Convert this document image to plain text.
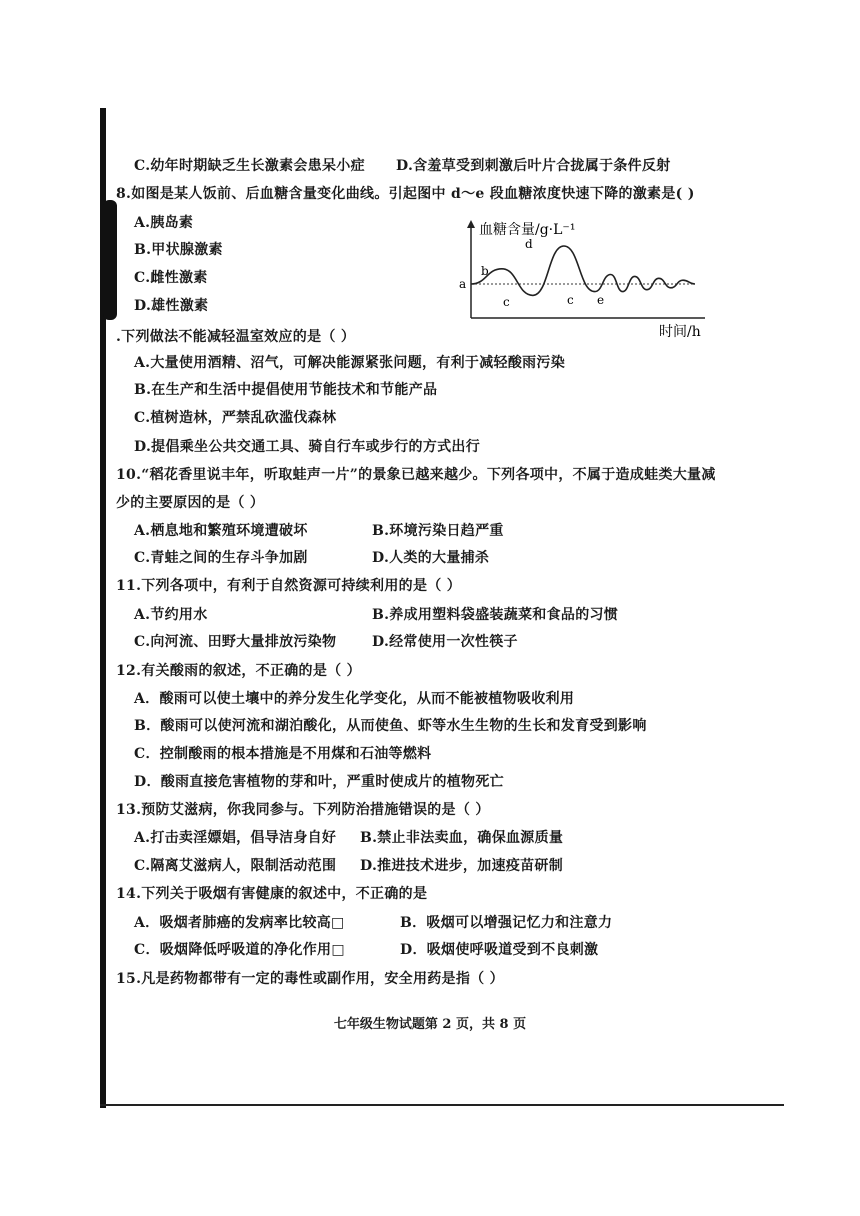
C.幼年时期缺乏生长激素会患呆小症 D.含羞草受到刺激后叶片合拢属于条件反射
8.如图是某人饭前、后血糖含量变化曲线。引起图中 d～e 段血糖浓度快速下降的激素是( )
A.胰岛素
B.甲状腺激素
C.雌性激素
D.雄性激素
血糖含量/g·L⁻¹
时间/h
a
b
c
d
c e
.下列做法不能减轻温室效应的是（ ）
A.大量使用酒精、沼气，可解决能源紧张问题，有利于减轻酸雨污染
B.在生产和生活中提倡使用节能技术和节能产品
C.植树造林，严禁乱砍滥伐森林
D.提倡乘坐公共交通工具、骑自行车或步行的方式出行
10.“稻花香里说丰年，听取蛙声一片”的景象已越来越少。下列各项中，不属于造成蛙类大量减
少的主要原因的是（ ）
A.栖息地和繁殖环境遭破坏	B.环境污染日趋严重
C.青蛙之间的生存斗争加剧	D.人类的大量捕杀
11.下列各项中，有利于自然资源可持续利用的是（ ）
A.节约用水	B.养成用塑料袋盛装蔬菜和食品的习惯
C.向河流、田野大量排放污染物	D.经常使用一次性筷子
12.有关酸雨的叙述，不正确的是（ ）
A．酸雨可以使土壤中的养分发生化学变化，从而不能被植物吸收利用
B．酸雨可以使河流和湖泊酸化，从而使鱼、虾等水生生物的生长和发育受到影响
C．控制酸雨的根本措施是不用煤和石油等燃料
D．酸雨直接危害植物的芽和叶，严重时使成片的植物死亡
13.预防艾滋病，你我同参与。下列防治措施错误的是（ ）
A.打击卖淫嫖娼，倡导洁身自好 B.禁止非法卖血，确保血源质量
C.隔离艾滋病人，限制活动范围 D.推进技术进步，加速疫苗研制
14.下列关于吸烟有害健康的叙述中，不正确的是
A．吸烟者肺癌的发病率比较高□	B．吸烟可以增强记忆力和注意力
C．吸烟降低呼吸道的净化作用□	D．吸烟使呼吸道受到不良刺激
15.凡是药物都带有一定的毒性或副作用，安全用药是指（ ）
七年级生物试题第 2 页，共 8 页
